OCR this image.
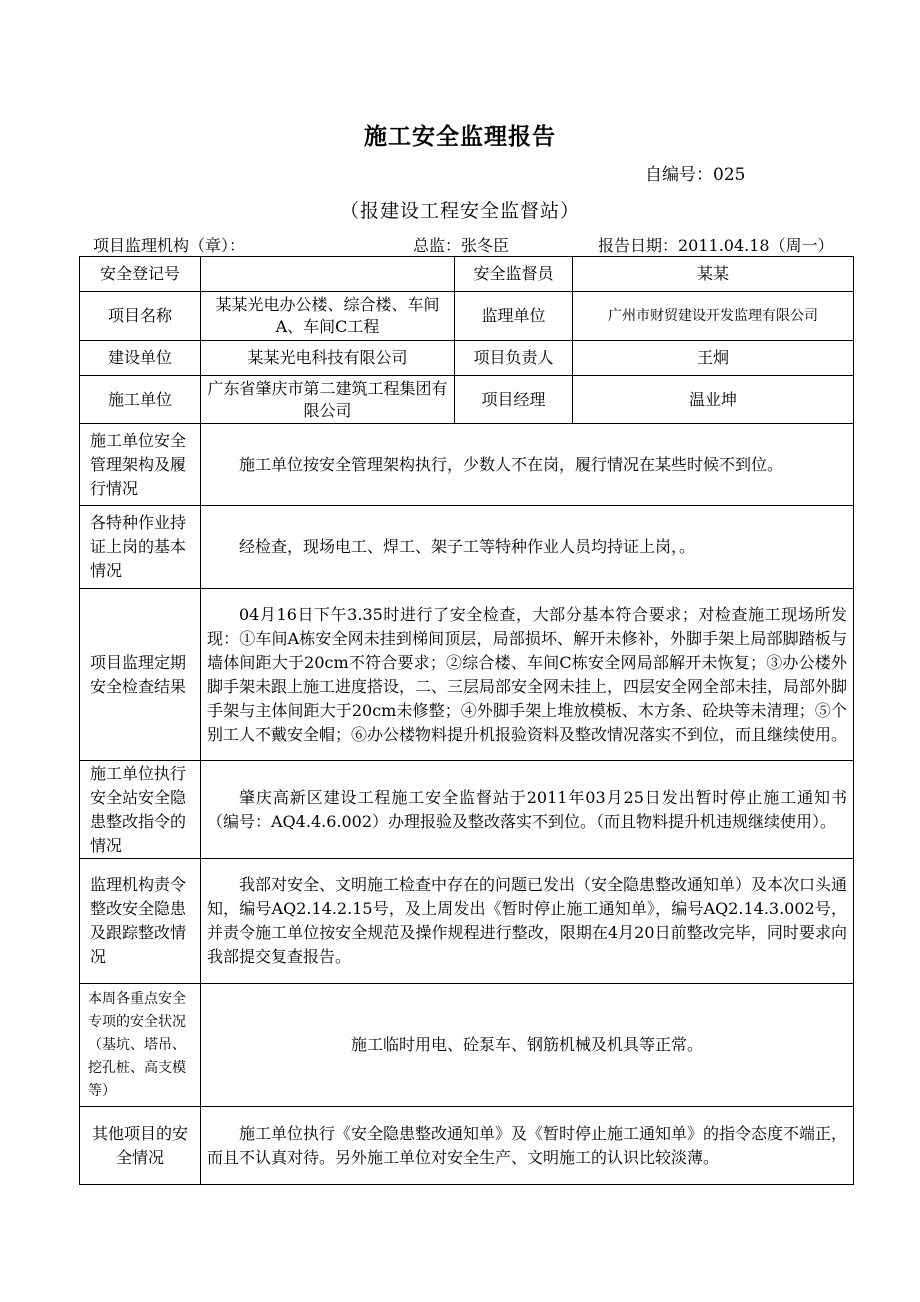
施工安全监理报告
自编号：025
（报建设工程安全监督站）
项目监理机构（章）：	总监：张冬臣	报告日期：2011.04.18（周一）
安全登记号		安全监督员	某某
项目名称	某某光电办公楼、综合楼、车间A、车间C工程	监理单位	广州市财贸建设开发监理有限公司
建设单位	某某光电科技有限公司	项目负责人	王炯
施工单位	广东省肇庆市第二建筑工程集团有限公司	项目经理	温业坤
施工单位安全管理架构及履行情况	施工单位按安全管理架构执行，少数人不在岗，履行情况在某些时候不到位。		

各特种作业持证上岗的基本情况	经检查，现场电工、焊工、架子工等特种作业人员均持证上岗，。		

项目监理定期安全检查结果	04月16日下午3.35时进行了安全检查，大部分基本符合要求；对检查施工现场所发现：①车间A栋安全网未挂到梯间顶层，局部损坏、解开未修补，外脚手架上局部脚踏板与墙体间距大于20cm不符合要求；②综合楼、车间C栋安全网局部解开未恢复；③办公楼外脚手架未跟上施工进度搭设，二、三层局部安全网未挂上，四层安全网全部未挂，局部外脚手架与主体间距大于20cm未修整；④外脚手架上堆放模板、木方条、砼块等未清理；⑤个别工人不戴安全帽；⑥办公楼物料提升机报验资料及整改情况落实不到位，而且继续使用。		

施工单位执行安全站安全隐患整改指令的情况	肇庆高新区建设工程施工安全监督站于2011年03月25日发出暂时停止施工通知书（编号：AQ4.4.6.002）办理报验及整改落实不到位。（而且物料提升机违规继续使用）。		

监理机构责令整改安全隐患及跟踪整改情况	我部对安全、文明施工检查中存在的问题已发出（安全隐患整改通知单）及本次口头通知，编号AQ2.14.2.15号，及上周发出《暂时停止施工通知单》，编号AQ2.14.3.002号，并责令施工单位按安全规范及操作规程进行整改，限期在4月20日前整改完毕，同时要求向我部提交复查报告。		

本周各重点安全专项的安全状况（基坑、塔吊、挖孔桩、高支模等）	施工临时用电、砼泵车、钢筋机械及机具等正常。		
其他项目的安全情况	施工单位执行《安全隐患整改通知单》及《暂时停止施工通知单》的指令态度不端正，而且不认真对待。另外施工单位对安全生产、文明施工的认识比较淡薄。		
